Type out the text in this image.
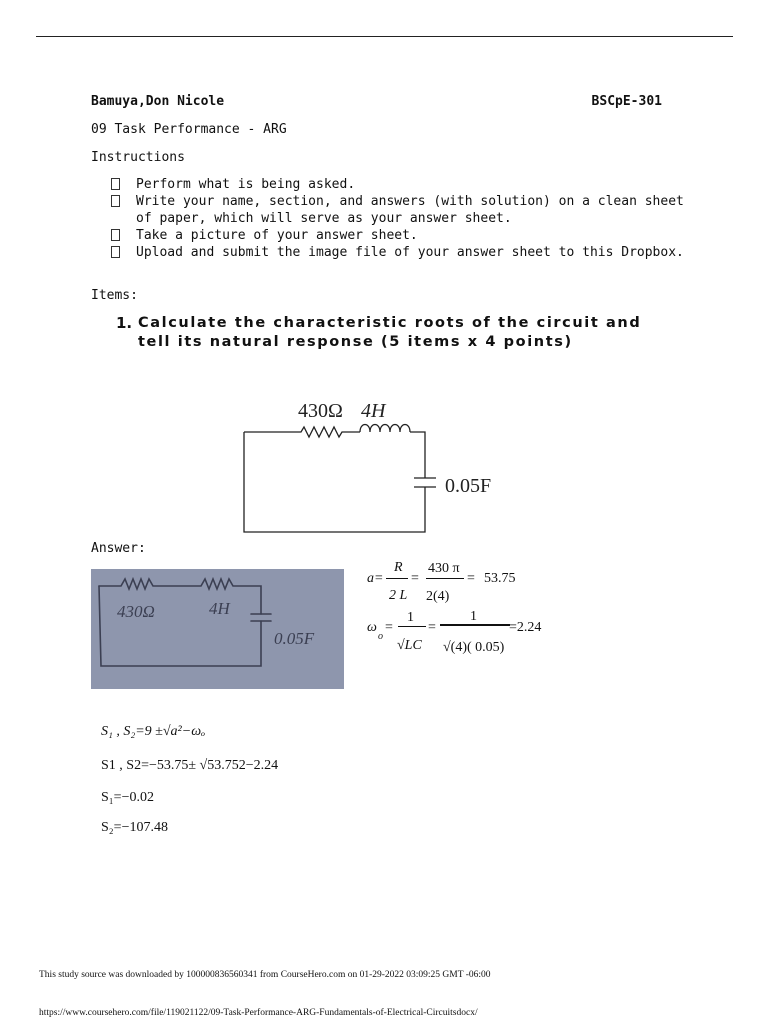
Bamuya,Don Nicole	BSCpE-301
09 Task Performance - ARG
Instructions
Perform what is being asked.
Write your name, section, and answers (with solution) on a clean sheet of paper, which will serve as your answer sheet.
Take a picture of your answer sheet.
Upload and submit the image file of your answer sheet to this Dropbox.
Items:
1. Calculate the characteristic roots of the circuit and tell its natural response (5 items x 4 points)
430Ω 4H
0.05F
Answer:
430Ω	4H
0.05F
a=
R
2 L
=
430 π
2(4)
= 53.75
ω
o
=
1
√LC
=
1
√(4)( 0.05)
=2.24
S₁ , S₂=9 ±√a²−ωₒ
S1 , S2=−53.75± √53.752−2.24
S₁=−0.02
S₂=−107.48
This study source was downloaded by 100000836560341 from CourseHero.com on 01-29-2022 03:09:25 GMT -06:00
https://www.coursehero.com/file/119021122/09-Task-Performance-ARG-Fundamentals-of-Electrical-Circuitsdocx/
